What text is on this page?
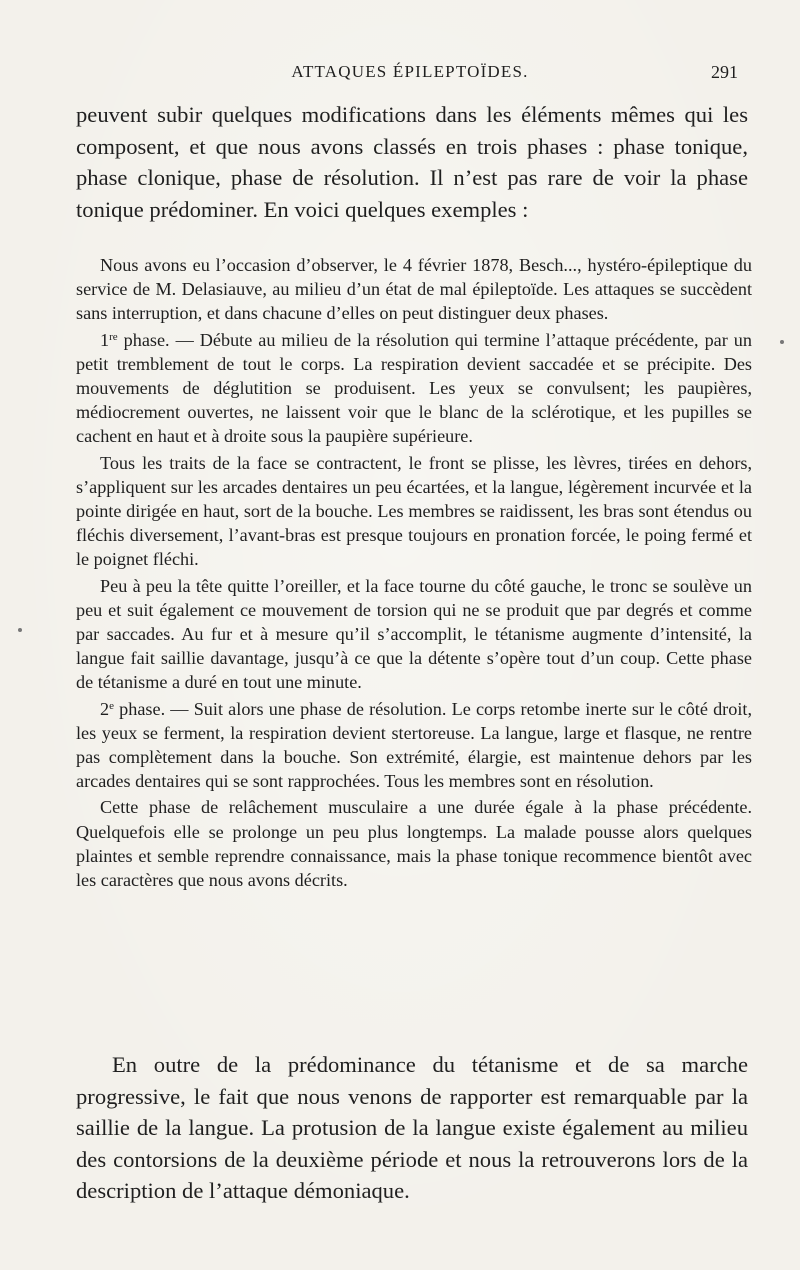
ATTAQUES ÉPILEPTOÏDES.	291

peuvent subir quelques modifications dans les éléments mêmes qui les composent, et que nous avons classés en trois phases : phase tonique, phase clonique, phase de résolution. Il n’est pas rare de voir la phase tonique prédominer. En voici quelques exemples :

Nous avons eu l’occasion d’observer, le 4 février 1878, Besch..., hystéro-épileptique du service de M. Delasiauve, au milieu d’un état de mal épileptoïde. Les attaques se succèdent sans interruption, et dans chacune d’elles on peut distinguer deux phases.

1re phase. — Débute au milieu de la résolution qui termine l’attaque précédente, par un petit tremblement de tout le corps. La respiration devient saccadée et se précipite. Des mouvements de déglutition se produisent. Les yeux se convulsent; les paupières, médiocrement ouvertes, ne laissent voir que le blanc de la sclérotique, et les pupilles se cachent en haut et à droite sous la paupière supérieure.

Tous les traits de la face se contractent, le front se plisse, les lèvres, tirées en dehors, s’appliquent sur les arcades dentaires un peu écartées, et la langue, légèrement incurvée et la pointe dirigée en haut, sort de la bouche. Les membres se raidissent, les bras sont étendus ou fléchis diversement, l’avant-bras est presque toujours en pronation forcée, le poing fermé et le poignet fléchi.

Peu à peu la tête quitte l’oreiller, et la face tourne du côté gauche, le tronc se soulève un peu et suit également ce mouvement de torsion qui ne se produit que par degrés et comme par saccades. Au fur et à mesure qu’il s’accomplit, le tétanisme augmente d’intensité, la langue fait saillie davantage, jusqu’à ce que la détente s’opère tout d’un coup. Cette phase de tétanisme a duré en tout une minute.

2e phase. — Suit alors une phase de résolution. Le corps retombe inerte sur le côté droit, les yeux se ferment, la respiration devient stertoreuse. La langue, large et flasque, ne rentre pas complètement dans la bouche. Son extrémité, élargie, est maintenue dehors par les arcades dentaires qui se sont rapprochées. Tous les membres sont en résolution.

Cette phase de relâchement musculaire a une durée égale à la phase précédente. Quelquefois elle se prolonge un peu plus longtemps. La malade pousse alors quelques plaintes et semble reprendre connaissance, mais la phase tonique recommence bientôt avec les caractères que nous avons décrits.

En outre de la prédominance du tétanisme et de sa marche progressive, le fait que nous venons de rapporter est remarquable par la saillie de la langue. La protusion de la langue existe également au milieu des contorsions de la deuxième période et nous la retrouverons lors de la description de l’attaque démoniaque.
